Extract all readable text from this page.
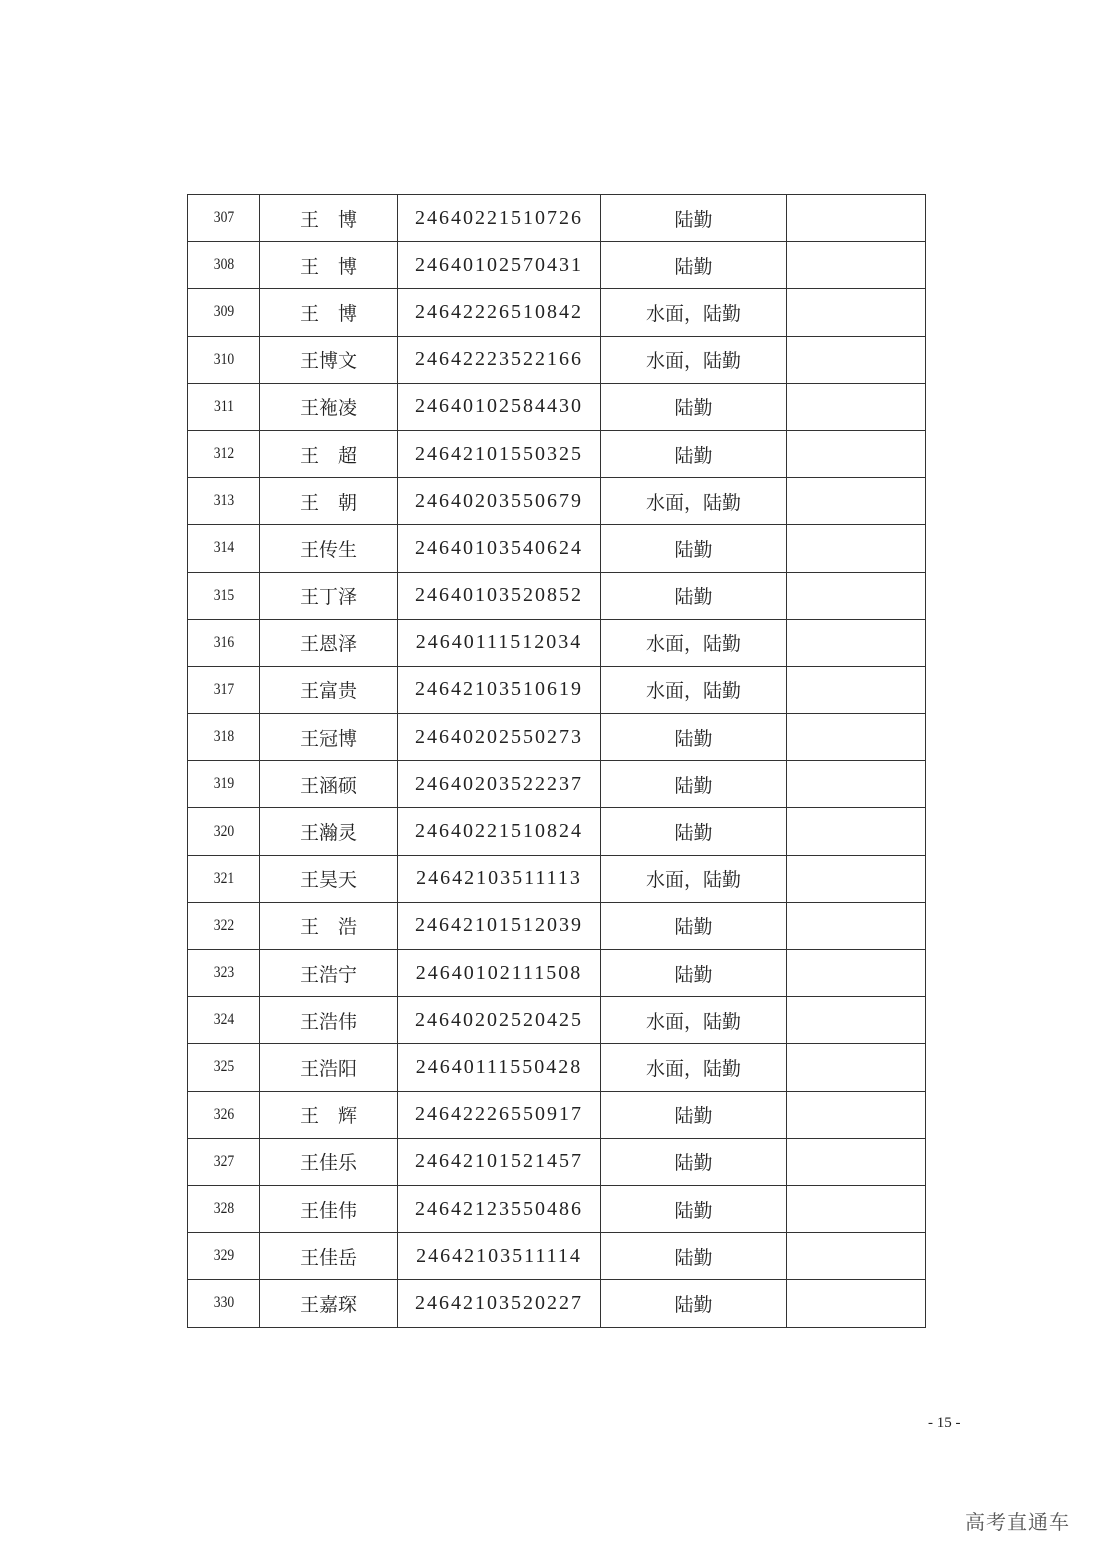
307	王　博	24640221510726	陆勤	
308	王　博	24640102570431	陆勤	
309	王　博	24642226510842	水面，陆勤	
310	王博文	24642223522166	水面，陆勤	
311	王袘凌	24640102584430	陆勤	
312	王　超	24642101550325	陆勤	
313	王　朝	24640203550679	水面，陆勤	
314	王传生	24640103540624	陆勤	
315	王丁泽	24640103520852	陆勤	
316	王恩泽	24640111512034	水面，陆勤	
317	王富贵	24642103510619	水面，陆勤	
318	王冠博	24640202550273	陆勤	
319	王涵硕	24640203522237	陆勤	
320	王瀚灵	24640221510824	陆勤	
321	王昊天	24642103511113	水面，陆勤	
322	王　浩	24642101512039	陆勤	
323	王浩宁	24640102111508	陆勤	
324	王浩伟	24640202520425	水面，陆勤	
325	王浩阳	24640111550428	水面，陆勤	
326	王　辉	24642226550917	陆勤	
327	王佳乐	24642101521457	陆勤	
328	王佳伟	24642123550486	陆勤	
329	王佳岳	24642103511114	陆勤	
330	王嘉琛	24642103520227	陆勤	
- 15 -
高考直通车
